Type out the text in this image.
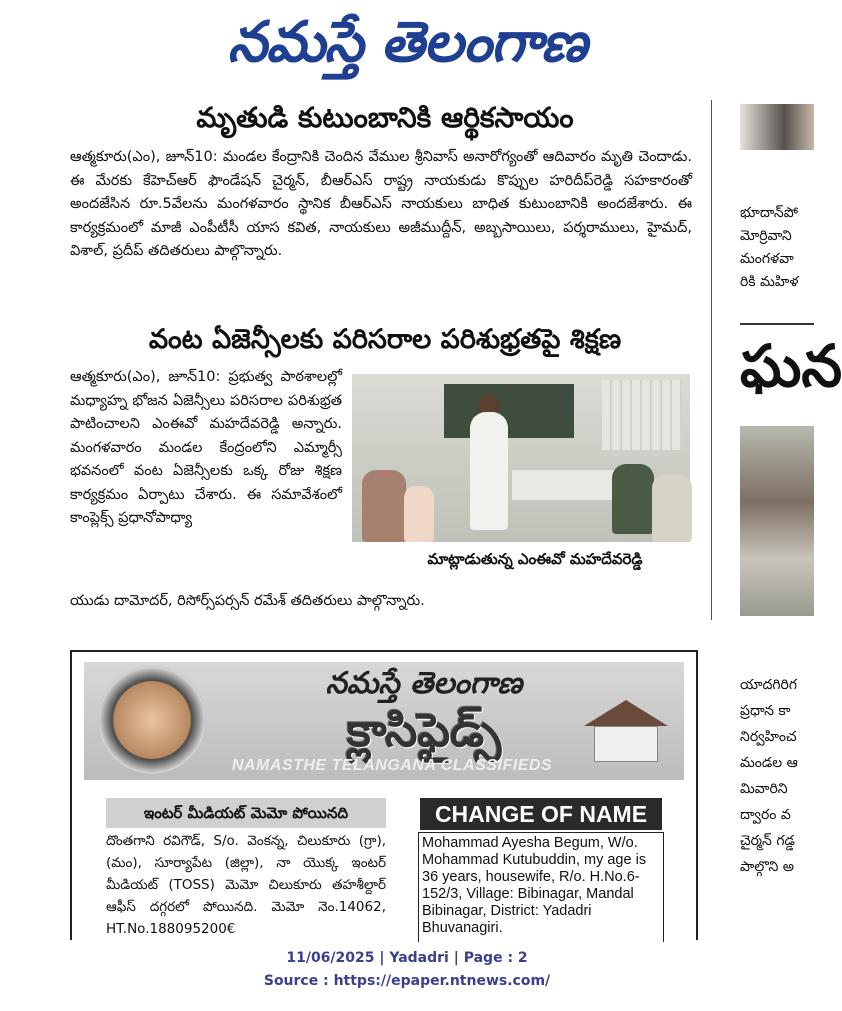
నమస్తే తెలంగాణ
మృతుడి కుటుంబానికి ఆర్థికసాయం

ఆత్మకూరు(ఎం), జూన్10: మండల కేంద్రానికి చెందిన వేముల శ్రీనివాస్ అనారోగ్యంతో ఆదివారం మృతి చెందాడు. ఈ మేరకు కేహెచ్ఆర్ ఫౌండేషన్ చైర్మన్, బీఆర్ఎస్ రాష్ట్ర నాయకుడు కొప్పుల హరిదీప్‌రెడ్డి సహకారంతో అందజేసిన రూ.5వేలను మంగళవారం స్థానిక బీఆర్ఎస్ నాయకులు బాధిత కుటుంబానికి అందజేశారు. ఈ కార్యక్రమంలో మాజీ ఎంపీటీసీ యాస కవిత, నాయకులు అజీముద్దీన్, అబ్బసాయిలు, పర్శరాములు, హైమద్, విశాల్, ప్రదీప్ తదితరులు పాల్గొన్నారు.

వంట ఏజెన్సీలకు పరిసరాల పరిశుభ్రతపై శిక్షణ

ఆత్మకూరు(ఎం), జూన్10: ప్రభుత్వ పాఠశాలల్లో మధ్యాహ్న భోజన ఏజెన్సీలు పరిసరాల పరిశుభ్రత పాటించాలని ఎంఈవో మహదేవరెడ్డి అన్నారు. మంగళవారం మండల కేంద్రంలోని ఎమ్మార్సీ భవనంలో వంట ఏజెన్సీలకు ఒక్క రోజు శిక్షణ కార్యక్రమం ఏర్పాటు చేశారు. ఈ సమావేశంలో కాంప్లెక్స్ ప్రధానోపాధ్యా

మాట్లాడుతున్న ఎంఈవో మహదేవరెడ్డి

యుడు దామోదర్, రిసోర్స్‌పర్సన్ రమేశ్ తదితరులు పాల్గొన్నారు.

భూదాన్‌పో
మోర్రివాని
మంగళవా
రికి మహిళ
ఘన
యాదగిరిగ
ప్రధాన కా
నిర్వహించ
మండల ఆ
మివారిని
ద్వారం వ
చైర్మన్ గడ్డ
పాల్గొని అ
నమస్తే తెలంగాణ
క్లాసిఫైడ్స్
NAMASTHE TELANGANA CLASSIFIEDS
ఇంటర్ మీడియట్ మెమో పోయినది

దొంతగాని రవిగౌడ్, S/o. వెంకన్న, చిలుకూరు (గ్రా), (మం), సూర్యాపేట (జిల్లా), నా యొక్క ఇంటర్ మీడియట్ (TOSS) మెమో చిలుకూరు తహశీల్దార్ ఆఫీస్ దగ్గరలో పోయినది. మెమో నెం.14062, HT.No.188095200€

CHANGE OF NAME

Mohammad Ayesha Begum, W/o. Mohammad Kutubuddin, my age is 36 years, housewife, R/o. H.No.6-152/3, Village: Bibinagar, Mandal Bibinagar, District: Yadadri Bhuvanagiri.

11/06/2025 | Yadadri | Page : 2
Source : https://epaper.ntnews.com/
